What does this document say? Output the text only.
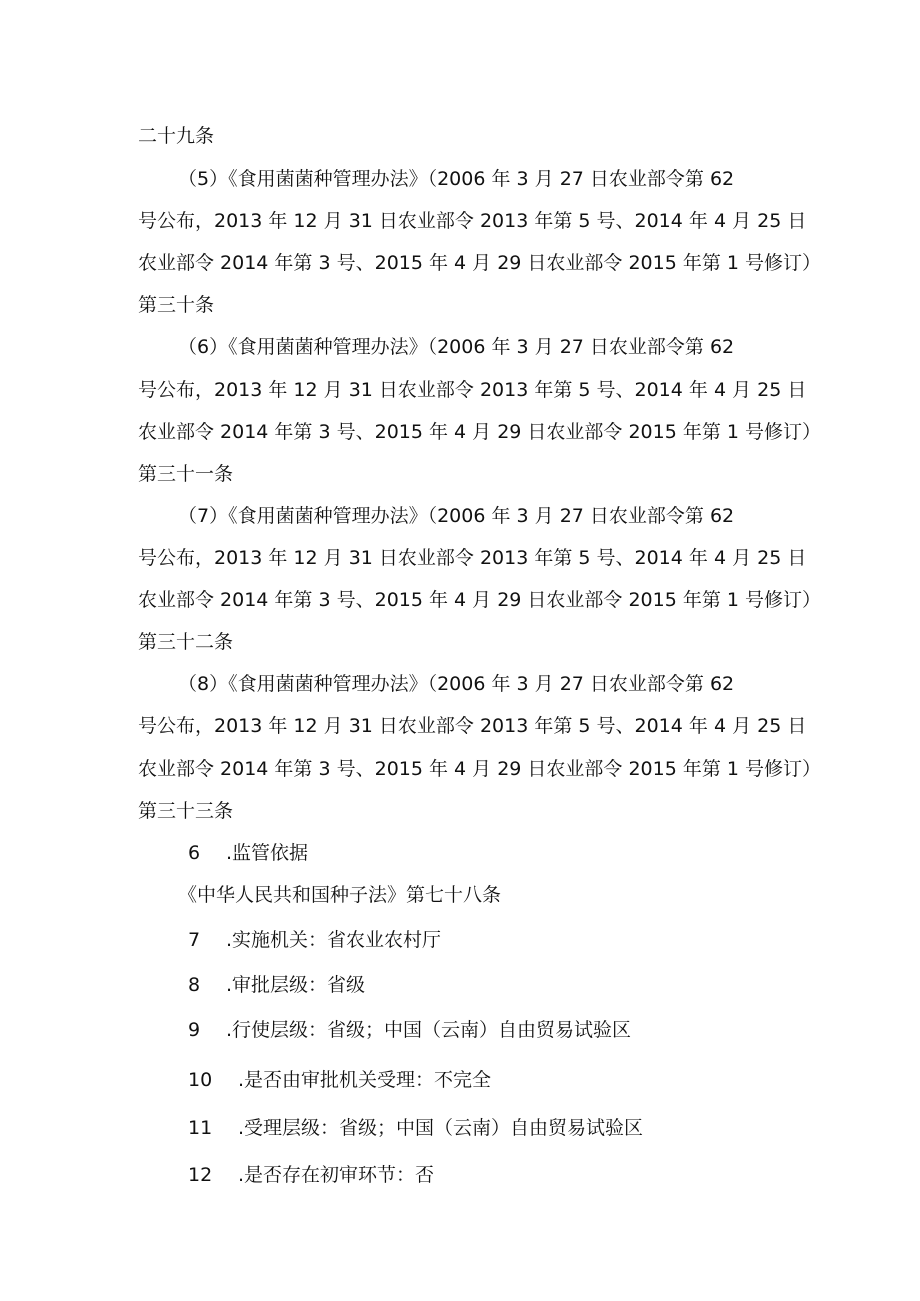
二十九条
（5）《食用菌菌种管理办法》（2006 年 3 月 27 日农业部令第 62
号公布，2013 年 12 月 31 日农业部令 2013 年第 5 号、2014 年 4 月 25 日
农业部令 2014 年第 3 号、2015 年 4 月 29 日农业部令 2015 年第 1 号修订）
第三十条
（6）《食用菌菌种管理办法》（2006 年 3 月 27 日农业部令第 62
号公布，2013 年 12 月 31 日农业部令 2013 年第 5 号、2014 年 4 月 25 日
农业部令 2014 年第 3 号、2015 年 4 月 29 日农业部令 2015 年第 1 号修订）
第三十一条
（7）《食用菌菌种管理办法》（2006 年 3 月 27 日农业部令第 62
号公布，2013 年 12 月 31 日农业部令 2013 年第 5 号、2014 年 4 月 25 日
农业部令 2014 年第 3 号、2015 年 4 月 29 日农业部令 2015 年第 1 号修订）
第三十二条
（8）《食用菌菌种管理办法》（2006 年 3 月 27 日农业部令第 62
号公布，2013 年 12 月 31 日农业部令 2013 年第 5 号、2014 年 4 月 25 日
农业部令 2014 年第 3 号、2015 年 4 月 29 日农业部令 2015 年第 1 号修订）
第三十三条
6 .监管依据
《中华人民共和国种子法》第七十八条
7 .实施机关：省农业农村厅
8 .审批层级：省级
9 .行使层级：省级；中国（云南）自由贸易试验区
10 .是否由审批机关受理：不完全
11 .受理层级：省级；中国（云南）自由贸易试验区
12 .是否存在初审环节：否
